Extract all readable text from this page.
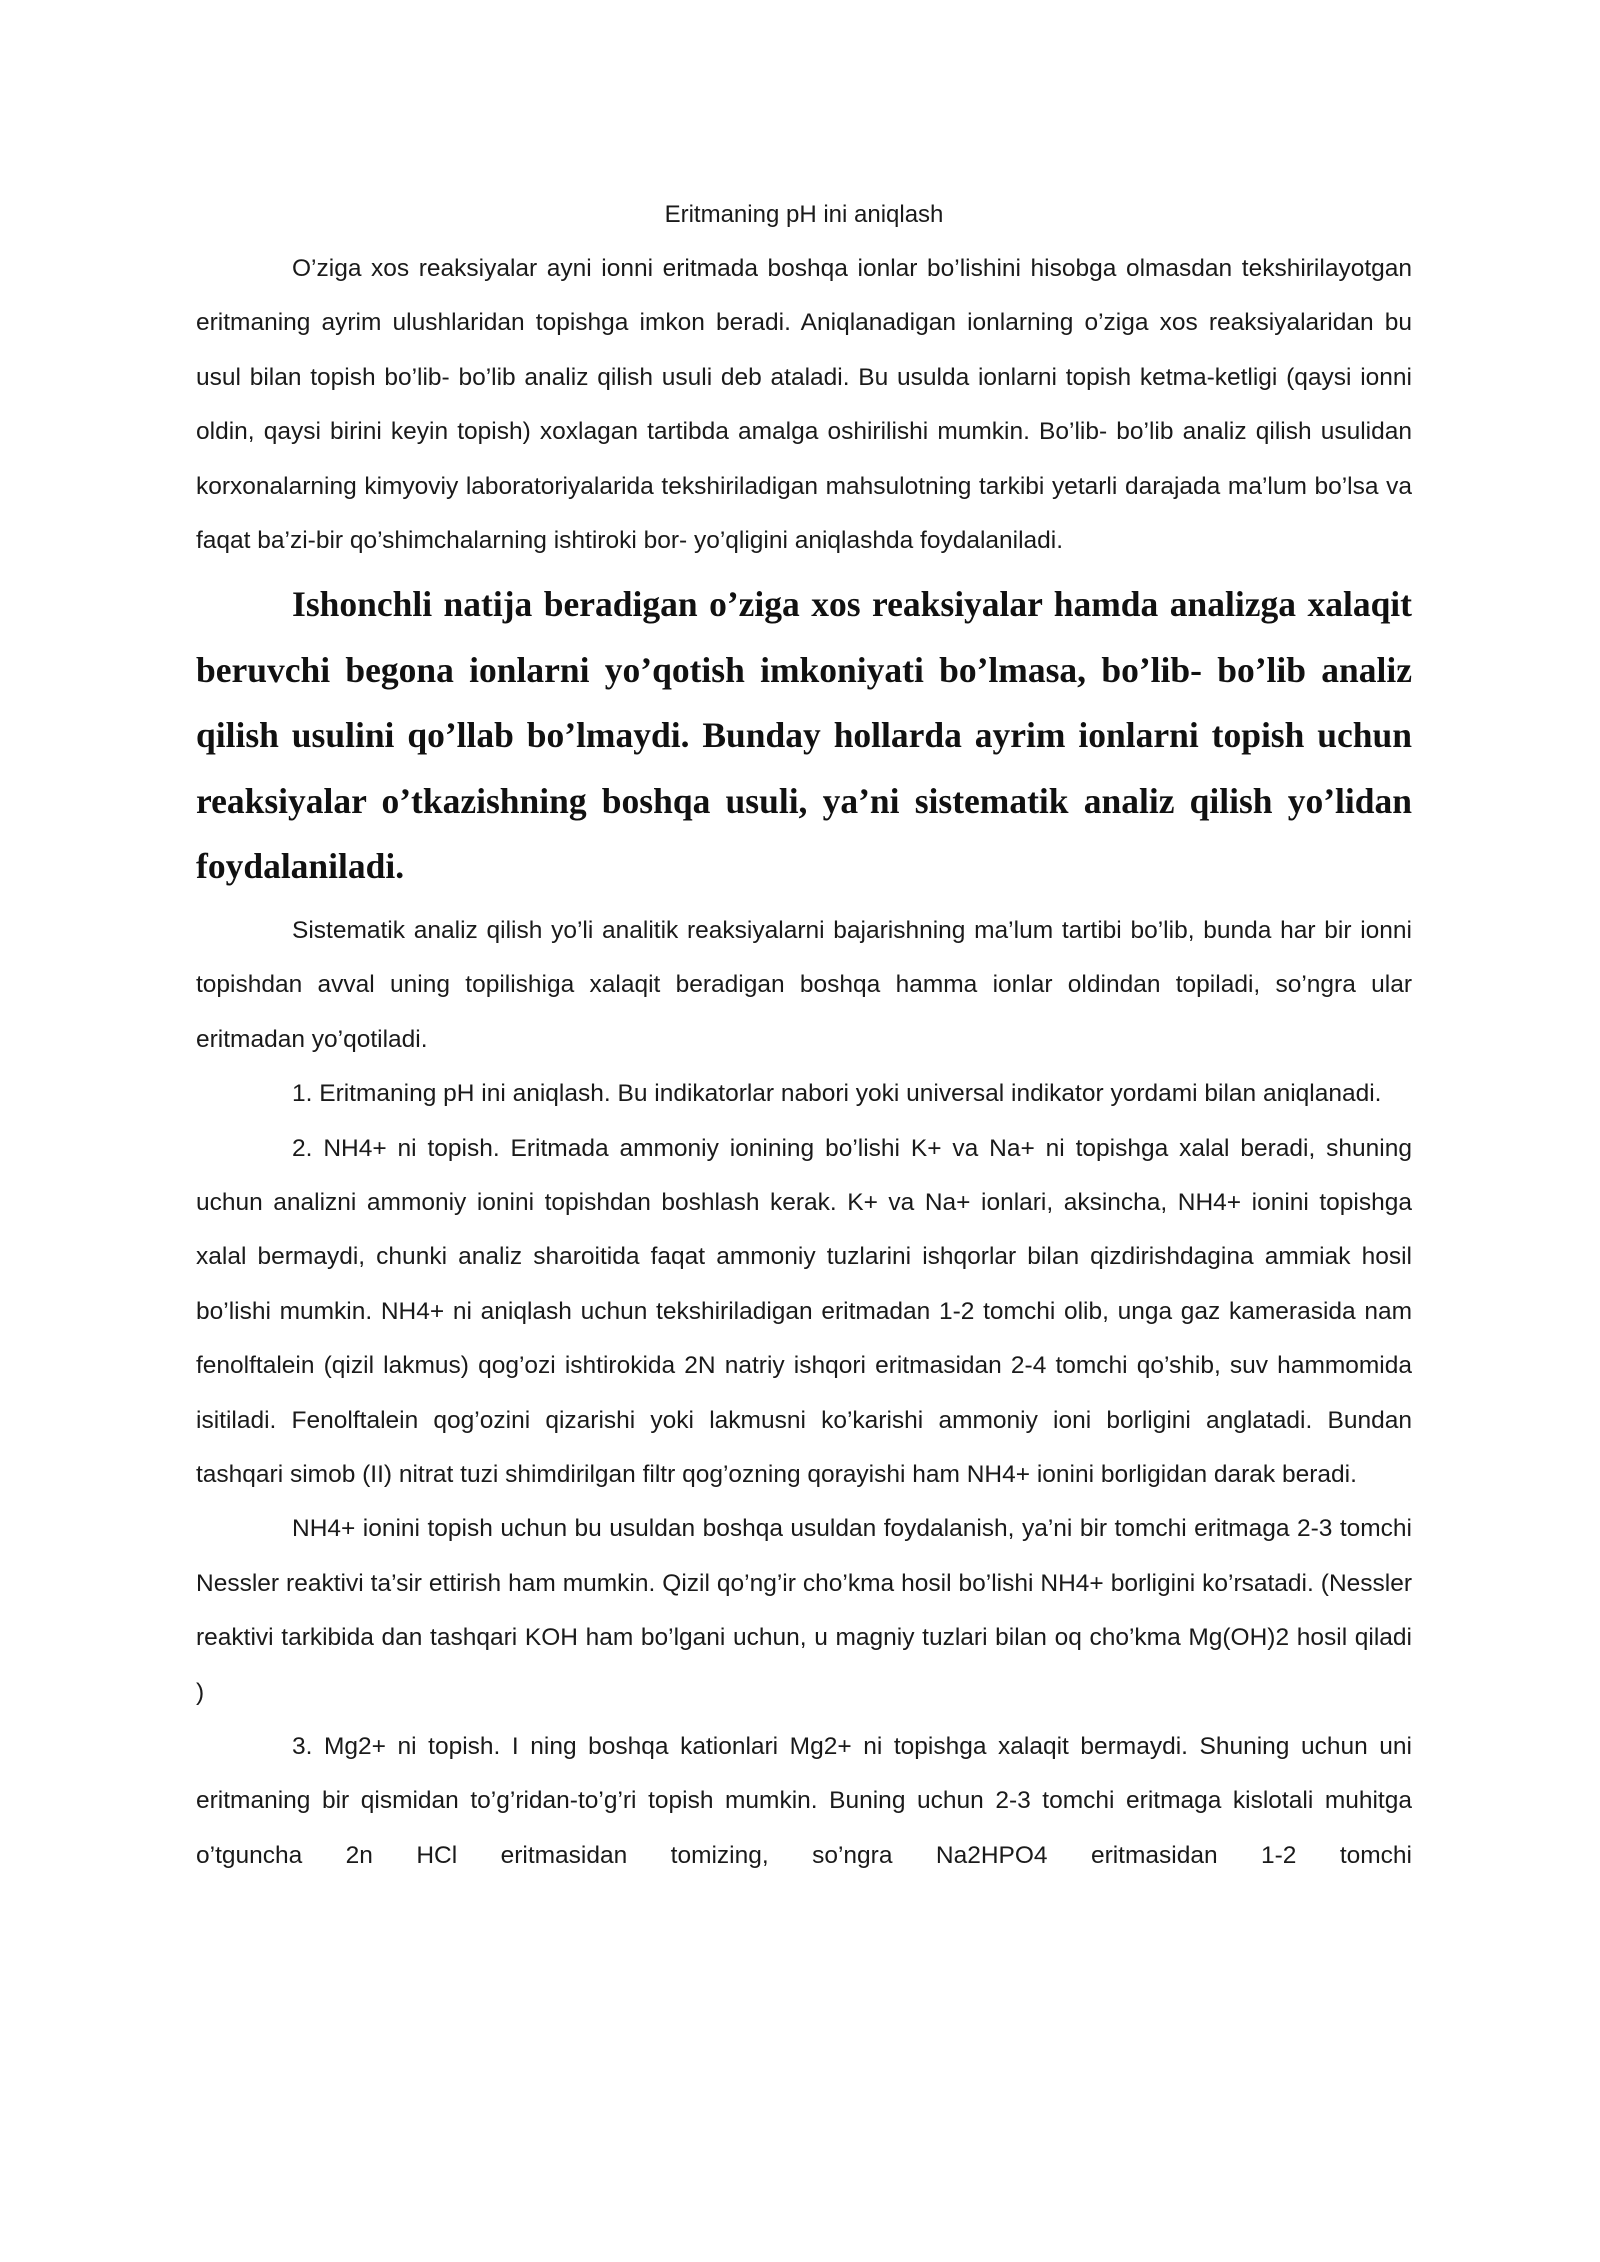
Eritmaning pH ini aniqlash

O’ziga xos reaksiyalar ayni ionni eritmada boshqa ionlar bo’lishini hisobga olmasdan tekshirilayotgan eritmaning ayrim ulushlaridan topishga imkon beradi. Aniqlanadigan ionlarning o’ziga xos reaksiyalaridan bu usul bilan topish bo’lib- bo’lib analiz qilish usuli deb ataladi. Bu usulda ionlarni topish ketma-ketligi (qaysi ionni oldin, qaysi birini keyin topish) xoxlagan tartibda amalga oshirilishi mumkin. Bo’lib- bo’lib analiz qilish usulidan korxonalarning kimyoviy laboratoriyalarida tekshiriladigan mahsulotning tarkibi yetarli darajada ma’lum bo’lsa va faqat ba’zi-bir qo’shimchalarning ishtiroki bor- yo’qligini aniqlashda foydalaniladi.

Ishonchli natija beradigan o’ziga xos reaksiyalar hamda analizga xalaqit beruvchi begona ionlarni yo’qotish imkoniyati bo’lmasa, bo’lib- bo’lib analiz qilish usulini qo’llab bo’lmaydi. Bunday hollarda ayrim ionlarni topish uchun reaksiyalar o’tkazishning boshqa usuli, ya’ni sistematik analiz qilish yo’lidan foydalaniladi.

Sistematik analiz qilish yo’li analitik reaksiyalarni bajarishning ma’lum tartibi bo’lib, bunda har bir ionni topishdan avval uning topilishiga xalaqit beradigan boshqa hamma ionlar oldindan topiladi, so’ngra ular eritmadan yo’qotiladi.

1. Eritmaning pH ini aniqlash. Bu indikatorlar nabori yoki universal indikator yordami bilan aniqlanadi.

2. NH4+ ni topish. Eritmada ammoniy ionining bo’lishi K+ va Na+ ni topishga xalal beradi, shuning uchun analizni ammoniy ionini topishdan boshlash kerak. K+ va Na+ ionlari, aksincha, NH4+ ionini topishga xalal bermaydi, chunki analiz sharoitida faqat ammoniy tuzlarini ishqorlar bilan qizdirishdagina ammiak hosil bo’lishi mumkin. NH4+ ni aniqlash uchun tekshiriladigan eritmadan 1-2 tomchi olib, unga gaz kamerasida nam fenolftalein (qizil lakmus) qog’ozi ishtirokida 2N natriy ishqori eritmasidan 2-4 tomchi qo’shib, suv hammomida isitiladi. Fenolftalein qog’ozini qizarishi yoki lakmusni ko’karishi ammoniy ioni borligini anglatadi. Bundan tashqari simob (II) nitrat tuzi shimdirilgan filtr qog’ozning qorayishi ham NH4+ ionini borligidan darak beradi.

NH4+ ionini topish uchun bu usuldan boshqa usuldan foydalanish, ya’ni bir tomchi eritmaga 2-3 tomchi Nessler reaktivi ta’sir ettirish ham mumkin. Qizil qo’ng’ir cho’kma hosil bo’lishi NH4+ borligini ko’rsatadi. (Nessler reaktivi tarkibida dan tashqari KOH ham bo’lgani uchun, u magniy tuzlari bilan oq cho’kma Mg(OH)2 hosil qiladi )

3. Mg2+ ni topish. I ning boshqa kationlari Mg2+ ni topishga xalaqit bermaydi. Shuning uchun uni eritmaning bir qismidan to’g’ridan-to’g’ri topish mumkin. Buning uchun 2-3 tomchi eritmaga kislotali muhitga o’tguncha 2n HCl eritmasidan tomizing, so’ngra Na2HPO4 eritmasidan 1-2 tomchi
